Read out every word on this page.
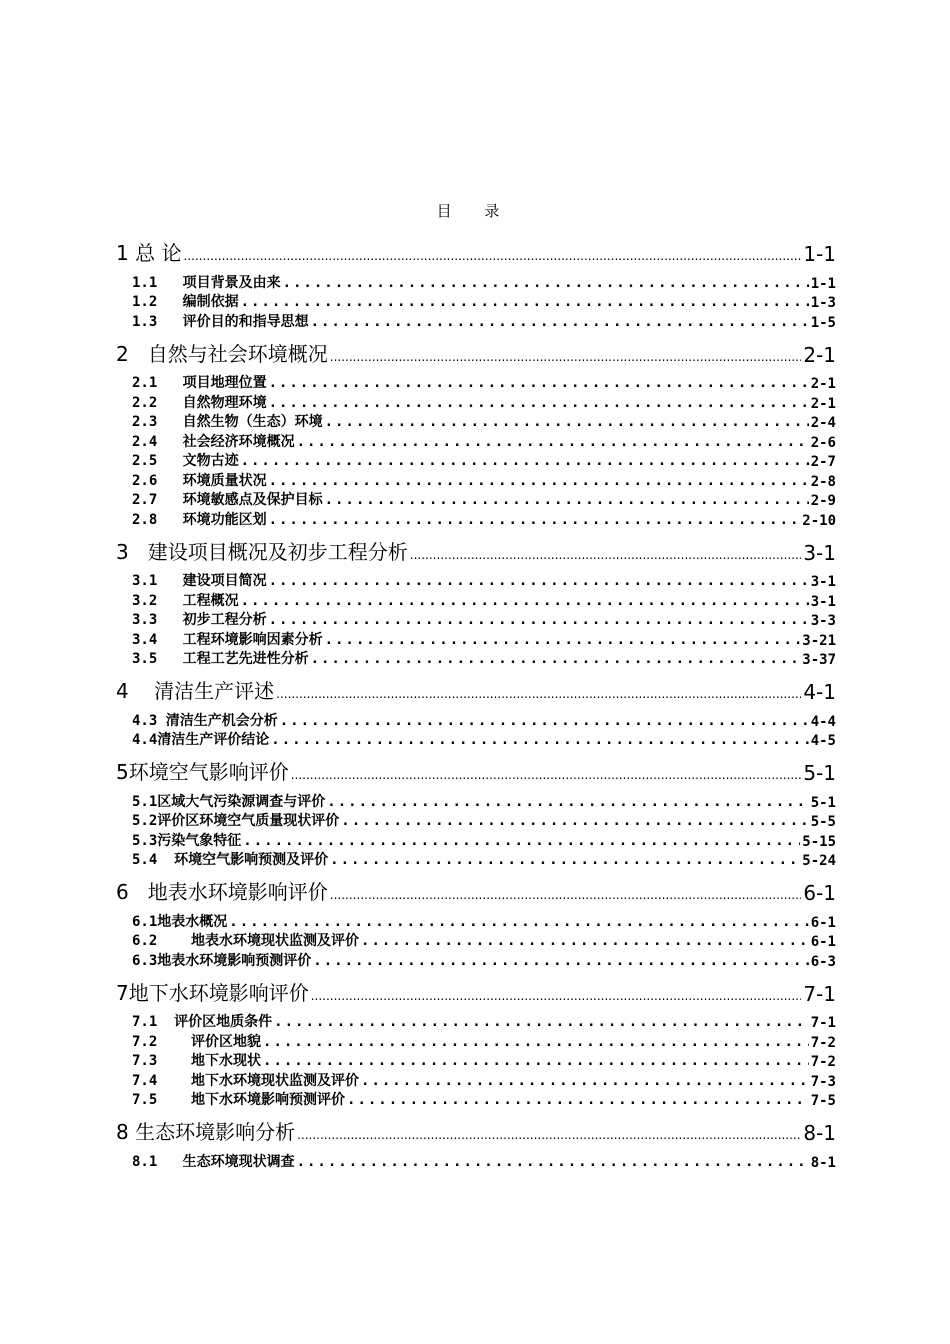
目 录
1 总 论 .....	1-1
1.1   项目背景及由来 .....	1-1
1.2   编制依据 .....	1-3
1.3   评价目的和指导思想 .....	1-5
2   自然与社会环境概况 .....	2-1
2.1   项目地理位置 .....	2-1
2.2   自然物理环境 .....	2-1
2.3   自然生物（生态）环境 .....	2-4
2.4   社会经济环境概况 .....	2-6
2.5   文物古迹 .....	2-7
2.6   环境质量状况 .....	2-8
2.7   环境敏感点及保护目标 .....	2-9
2.8   环境功能区划 .....	2-10
3   建设项目概况及初步工程分析 .....	3-1
3.1   建设项目简况 .....	3-1
3.2   工程概况 .....	3-1
3.3   初步工程分析 .....	3-3
3.4   工程环境影响因素分析 .....	3-21
3.5   工程工艺先进性分析 .....	3-37
4    清洁生产评述 .....	4-1
4.3 清洁生产机会分析 .....	4-4
4.4清洁生产评价结论 .....	4-5
5环境空气影响评价 .....	5-1
5.1区域大气污染源调查与评价 .....	5-1
5.2评价区环境空气质量现状评价 .....	5-5
5.3污染气象特征 .....	5-15
5.4  环境空气影响预测及评价 .....	5-24
6   地表水环境影响评价 .....	6-1
6.1地表水概况 .....	6-1
6.2    地表水环境现状监测及评价 .....	6-1
6.3地表水环境影响预测评价 .....	6-3
7地下水环境影响评价 .....	7-1
7.1  评价区地质条件 .....	7-1
7.2    评价区地貌 .....	7-2
7.3    地下水现状 .....	7-2
7.4    地下水环境现状监测及评价 .....	7-3
7.5    地下水环境影响预测评价 .....	7-5
8 生态环境影响分析 .....	8-1
8.1   生态环境现状调查 .....	8-1
